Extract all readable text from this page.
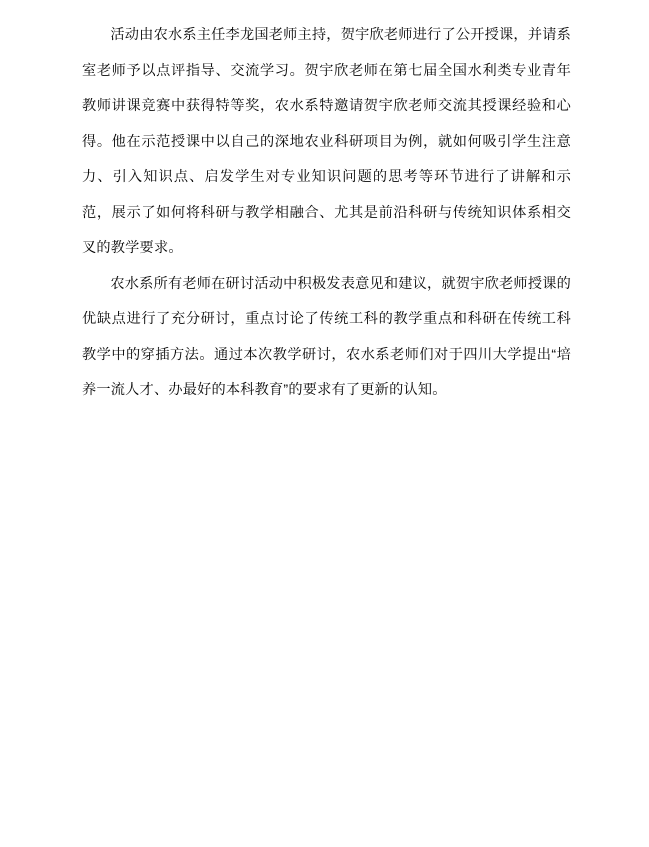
活动由农水系主任李龙国老师主持，贺宇欣老师进行了公开授课，并请系室老师予以点评指导、交流学习。贺宇欣老师在第七届全国水利类专业青年教师讲课竞赛中获得特等奖，农水系特邀请贺宇欣老师交流其授课经验和心得。他在示范授课中以自己的深地农业科研项目为例，就如何吸引学生注意力、引入知识点、启发学生对专业知识问题的思考等环节进行了讲解和示范，展示了如何将科研与教学相融合、尤其是前沿科研与传统知识体系相交叉的教学要求。

农水系所有老师在研讨活动中积极发表意见和建议，就贺宇欣老师授课的优缺点进行了充分研讨，重点讨论了传统工科的教学重点和科研在传统工科教学中的穿插方法。通过本次教学研讨，农水系老师们对于四川大学提出“培养一流人才、办最好的本科教育”的要求有了更新的认知。
